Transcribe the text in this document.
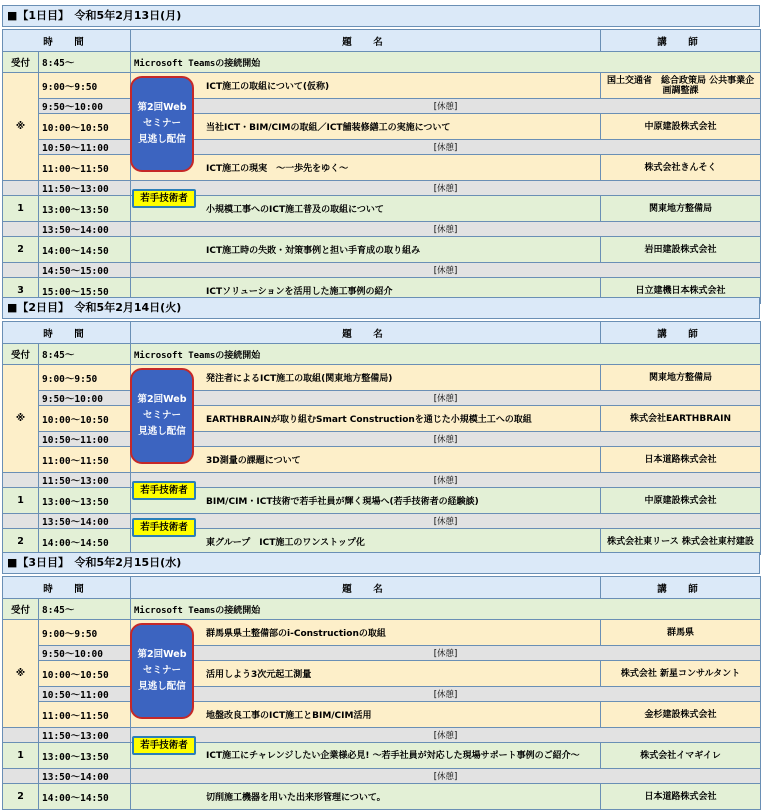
■【1日目】　令和5年2月13日(月)
時　間		題　名	講　師
受付	8:45～	Microsoft Teamsの接続開始	
※	9:00～9:50	ICT施工の取組について(仮称)	国土交通省　総合政策局 公共事業企画調整課
	9:50～10:00	[休憩]	
	10:00～10:50	当社ICT・BIM/CIMの取組／ICT舗装修繕工の実施について	中原建設株式会社
	10:50～11:00	[休憩]	
	11:00～11:50	ICT施工の現実　～一歩先をゆく～	株式会社きんそく
	11:50～13:00	[休憩]	
1	13:00～13:50	小規模工事へのICT施工普及の取組について	関東地方整備局
	13:50～14:00	[休憩]	
2	14:00～14:50	ICT施工時の失敗・対策事例と担い手育成の取り組み	岩田建設株式会社
	14:50～15:00	[休憩]	
3	15:00～15:50	ICTソリューションを活用した施工事例の紹介	日立建機日本株式会社
第2回Web
セミナー
見逃し配信
若手技術者
■【2日目】　令和5年2月14日(火)
時　間		題　名	講　師
受付	8:45～	Microsoft Teamsの接続開始	
※	9:00～9:50	発注者によるICT施工の取組(関東地方整備局)	関東地方整備局
	9:50～10:00	[休憩]	
	10:00～10:50	EARTHBRAINが取り組むSmart Constructionを通じた小規模土工への取組	株式会社EARTHBRAIN
	10:50～11:00	[休憩]	
	11:00～11:50	3D測量の課題について	日本道路株式会社
	11:50～13:00	[休憩]	
1	13:00～13:50	BIM/CIM・ICT技術で若手社員が輝く現場へ(若手技術者の経験談)	中原建設株式会社
	13:50～14:00	[休憩]	
2	14:00～14:50	東グループ　ICT施工のワンストップ化	株式会社東リース 株式会社東村建設
第2回Web
セミナー
見逃し配信
若手技術者
若手技術者
■【3日目】　令和5年2月15日(水)
時　間		題　名	講　師
受付	8:45～	Microsoft Teamsの接続開始	
※	9:00～9:50	群馬県県土整備部のi-Constructionの取組	群馬県
	9:50～10:00	[休憩]	
	10:00～10:50	活用しよう3次元起工測量	株式会社 新星コンサルタント
	10:50～11:00	[休憩]	
	11:00～11:50	地盤改良工事のICT施工とBIM/CIM活用	金杉建設株式会社
	11:50～13:00	[休憩]	
1	13:00～13:50	ICT施工にチャレンジしたい企業様必見! ～若手社員が対応した現場サポート事例のご紹介～	株式会社イマギイレ
	13:50～14:00	[休憩]	
2	14:00～14:50	切削施工機器を用いた出来形管理について。	日本道路株式会社
第2回Web
セミナー
見逃し配信
若手技術者
